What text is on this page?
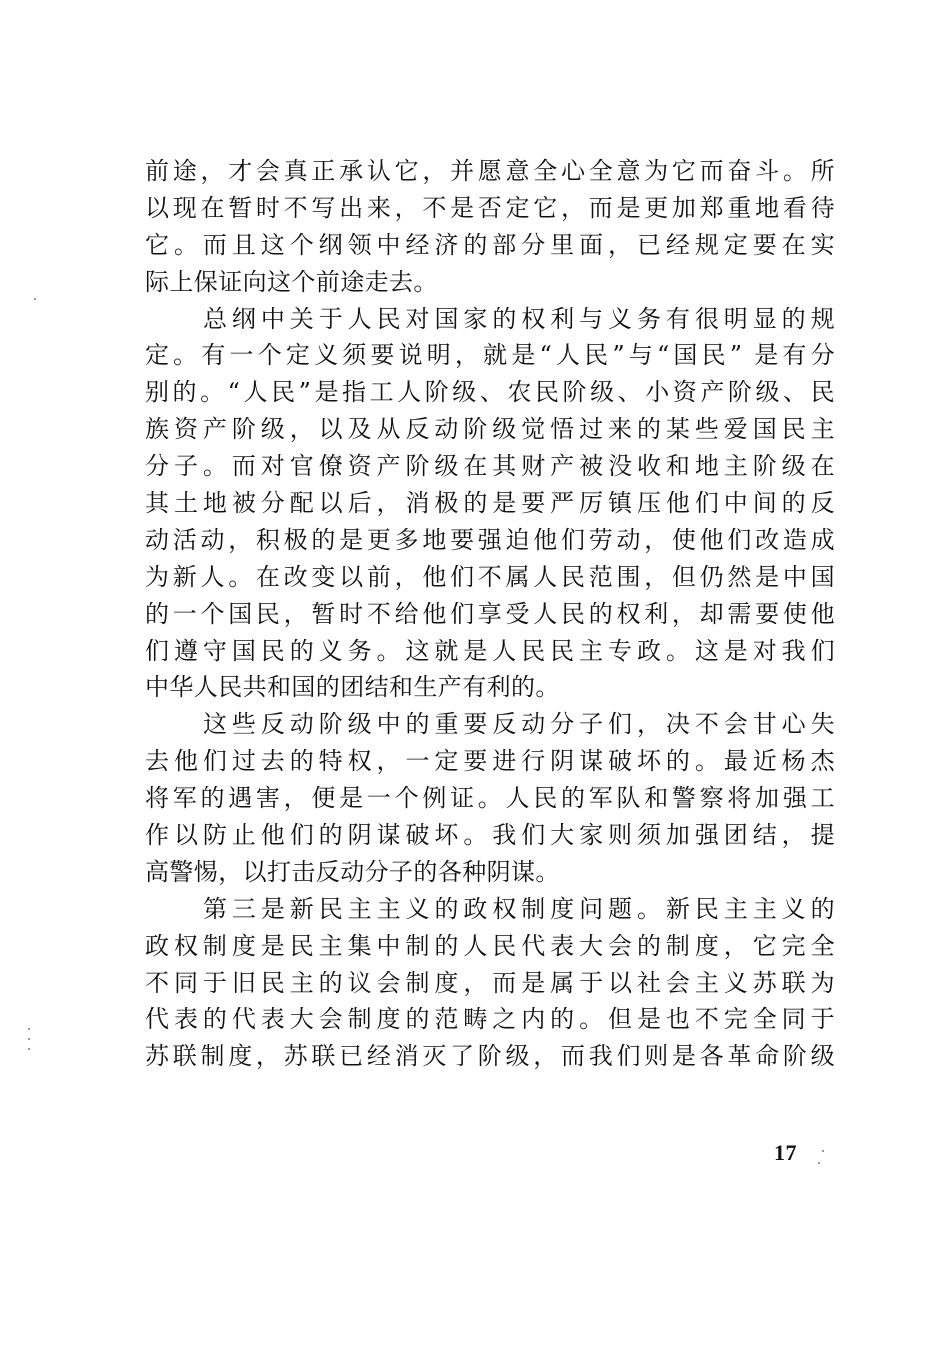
前途，才会真正承认它，并愿意全心全意为它而奋斗。所
以现在暂时不写出来，不是否定它，而是更加郑重地看待
它。而且这个纲领中经济的部分里面，已经规定要在实
际上保证向这个前途走去。
总纲中关于人民对国家的权利与义务有很明显的规
定。有一个定义须要说明，就是“人民”与“国民” 是有分
别的。“人民”是指工人阶级、农民阶级、小资产阶级、民
族资产阶级，以及从反动阶级觉悟过来的某些爱国民主
分子。而对官僚资产阶级在其财产被没收和地主阶级在
其土地被分配以后，消极的是要严厉镇压他们中间的反
动活动，积极的是更多地要强迫他们劳动，使他们改造成
为新人。在改变以前，他们不属人民范围，但仍然是中国
的一个国民，暂时不给他们享受人民的权利，却需要使他
们遵守国民的义务。这就是人民民主专政。这是对我们
中华人民共和国的团结和生产有利的。
这些反动阶级中的重要反动分子们，决不会甘心失
去他们过去的特权，一定要进行阴谋破坏的。最近杨杰
将军的遇害，便是一个例证。人民的军队和警察将加强工
作以防止他们的阴谋破坏。我们大家则须加强团结，提
高警惕，以打击反动分子的各种阴谋。
第三是新民主主义的政权制度问题。新民主主义的
政权制度是民主集中制的人民代表大会的制度，它完全
不同于旧民主的议会制度，而是属于以社会主义苏联为
代表的代表大会制度的范畴之内的。但是也不完全同于
苏联制度，苏联已经消灭了阶级，而我们则是各革命阶级
17
